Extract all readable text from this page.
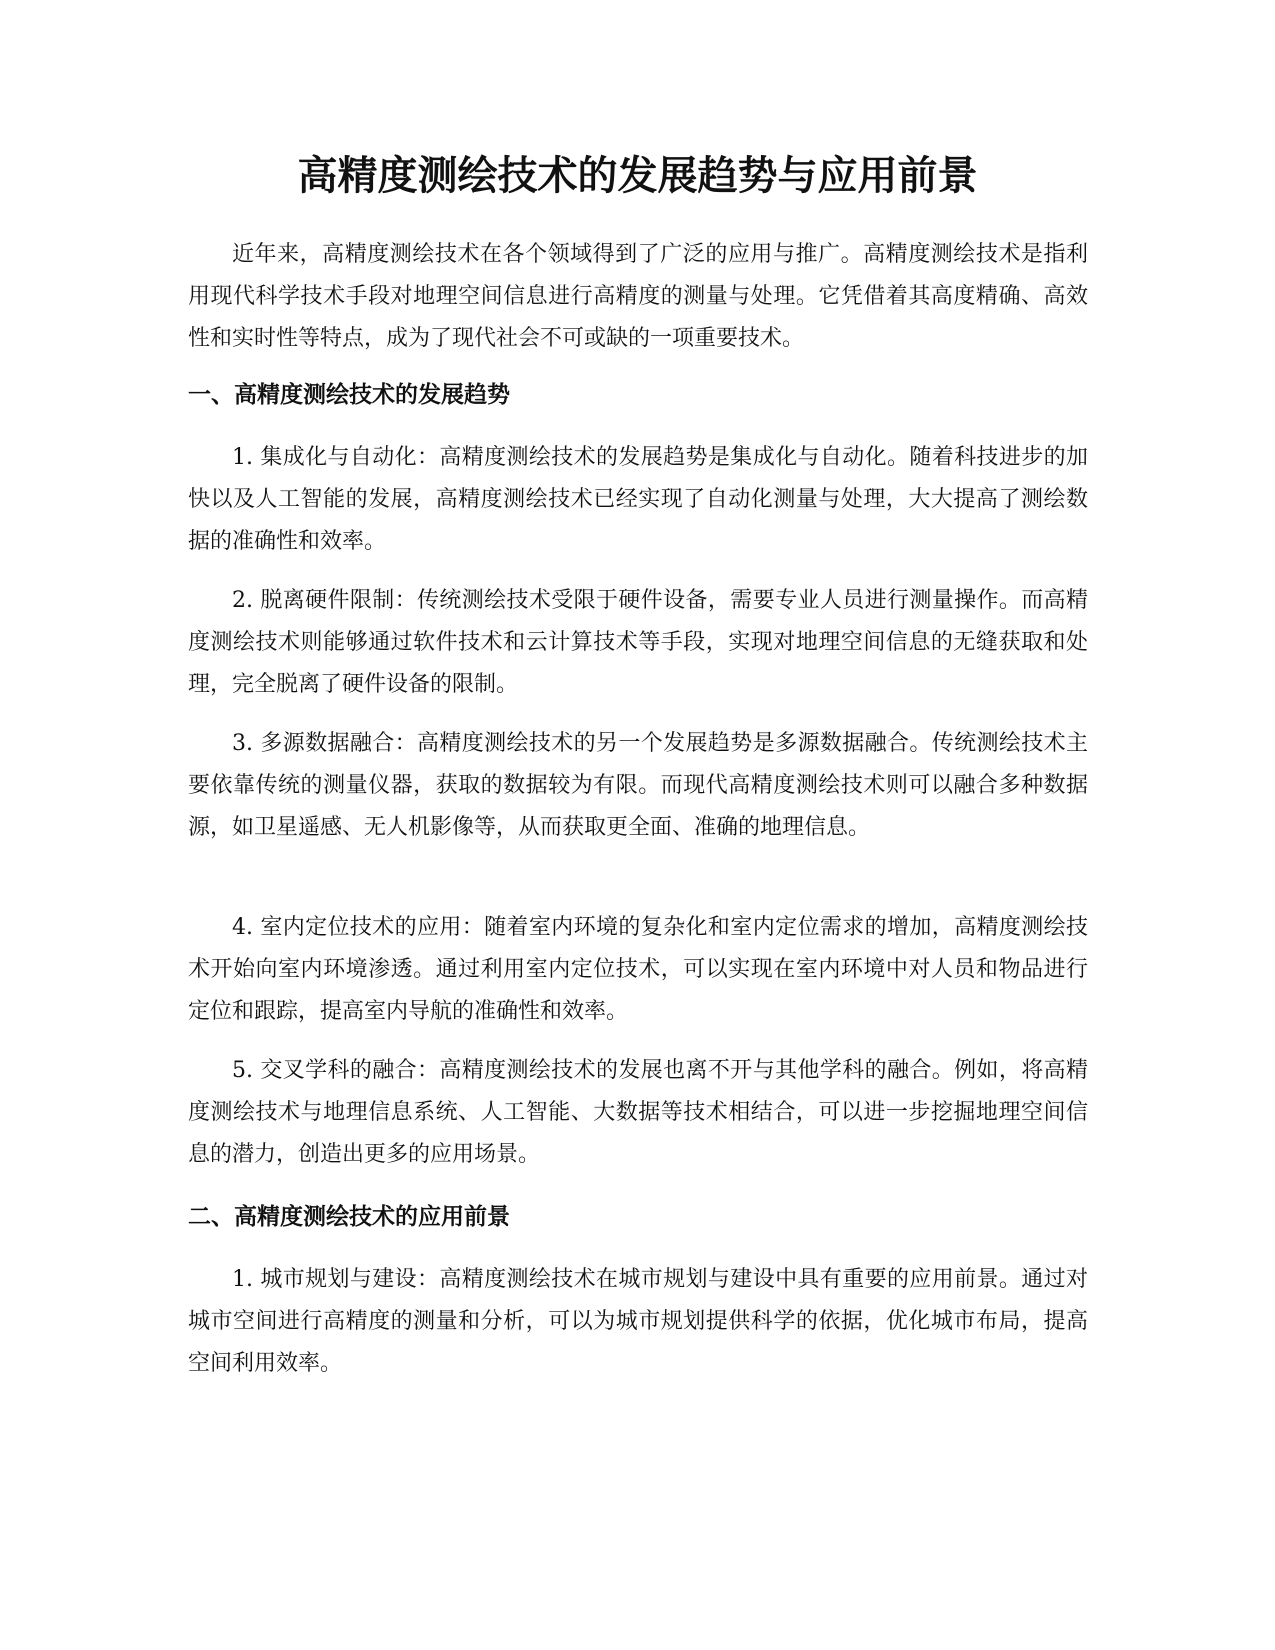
高精度测绘技术的发展趋势与应用前景

近年来，高精度测绘技术在各个领域得到了广泛的应用与推广。高精度测绘技术是指利用现代科学技术手段对地理空间信息进行高精度的测量与处理。它凭借着其高度精确、高效性和实时性等特点，成为了现代社会不可或缺的一项重要技术。

一、高精度测绘技术的发展趋势

1. 集成化与自动化：高精度测绘技术的发展趋势是集成化与自动化。随着科技进步的加快以及人工智能的发展，高精度测绘技术已经实现了自动化测量与处理，大大提高了测绘数据的准确性和效率。

2. 脱离硬件限制：传统测绘技术受限于硬件设备，需要专业人员进行测量操作。而高精度测绘技术则能够通过软件技术和云计算技术等手段，实现对地理空间信息的无缝获取和处理，完全脱离了硬件设备的限制。

3. 多源数据融合：高精度测绘技术的另一个发展趋势是多源数据融合。传统测绘技术主要依靠传统的测量仪器，获取的数据较为有限。而现代高精度测绘技术则可以融合多种数据源，如卫星遥感、无人机影像等，从而获取更全面、准确的地理信息。

4. 室内定位技术的应用：随着室内环境的复杂化和室内定位需求的增加，高精度测绘技术开始向室内环境渗透。通过利用室内定位技术，可以实现在室内环境中对人员和物品进行定位和跟踪，提高室内导航的准确性和效率。

5. 交叉学科的融合：高精度测绘技术的发展也离不开与其他学科的融合。例如，将高精度测绘技术与地理信息系统、人工智能、大数据等技术相结合，可以进一步挖掘地理空间信息的潜力，创造出更多的应用场景。

二、高精度测绘技术的应用前景

1. 城市规划与建设：高精度测绘技术在城市规划与建设中具有重要的应用前景。通过对城市空间进行高精度的测量和分析，可以为城市规划提供科学的依据，优化城市布局，提高空间利用效率。
